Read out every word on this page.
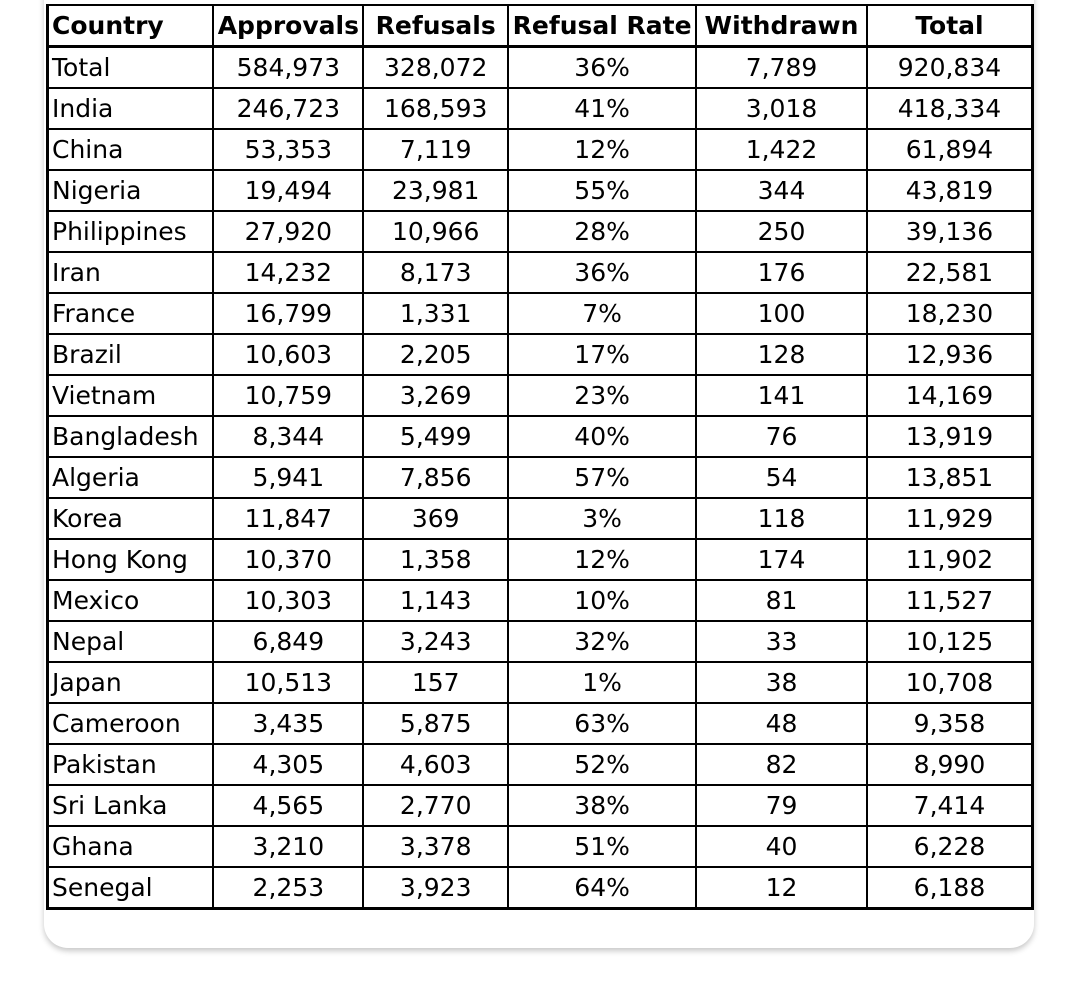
Country	Approvals	Refusals	Refusal Rate	Withdrawn	Total
Total	584,973	328,072	36%	7,789	920,834
India	246,723	168,593	41%	3,018	418,334
China	53,353	7,119	12%	1,422	61,894
Nigeria	19,494	23,981	55%	344	43,819
Philippines	27,920	10,966	28%	250	39,136
Iran	14,232	8,173	36%	176	22,581
France	16,799	1,331	7%	100	18,230
Brazil	10,603	2,205	17%	128	12,936
Vietnam	10,759	3,269	23%	141	14,169
Bangladesh	8,344	5,499	40%	76	13,919
Algeria	5,941	7,856	57%	54	13,851
Korea	11,847	369	3%	118	11,929
Hong Kong	10,370	1,358	12%	174	11,902
Mexico	10,303	1,143	10%	81	11,527
Nepal	6,849	3,243	32%	33	10,125
Japan	10,513	157	1%	38	10,708
Cameroon	3,435	5,875	63%	48	9,358
Pakistan	4,305	4,603	52%	82	8,990
Sri Lanka	4,565	2,770	38%	79	7,414
Ghana	3,210	3,378	51%	40	6,228
Senegal	2,253	3,923	64%	12	6,188
